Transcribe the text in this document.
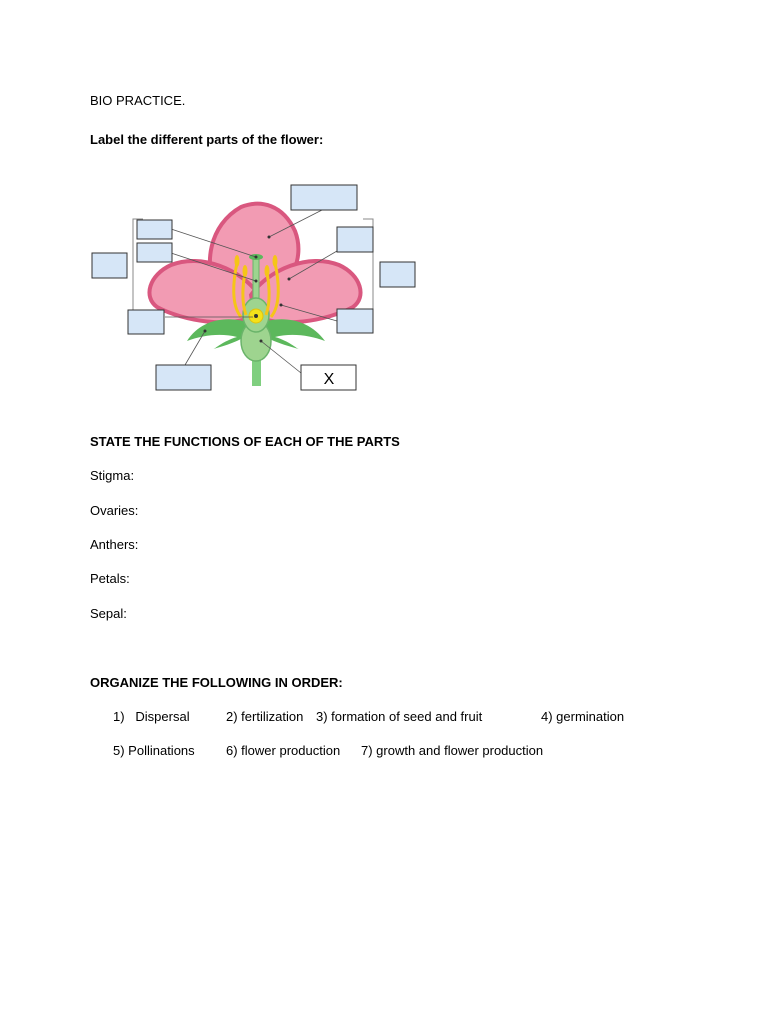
BIO PRACTICE.
Label the different parts of the flower:
X
STATE THE FUNCTIONS OF EACH OF THE PARTS
Stigma:
Ovaries:
Anthers:
Petals:
Sepal:
ORGANIZE THE FOLLOWING IN ORDER:
1)   Dispersal	2) fertilization 3) formation of seed and fruit	4) germination
5) Pollinations 6) flower production 7) growth and flower production
